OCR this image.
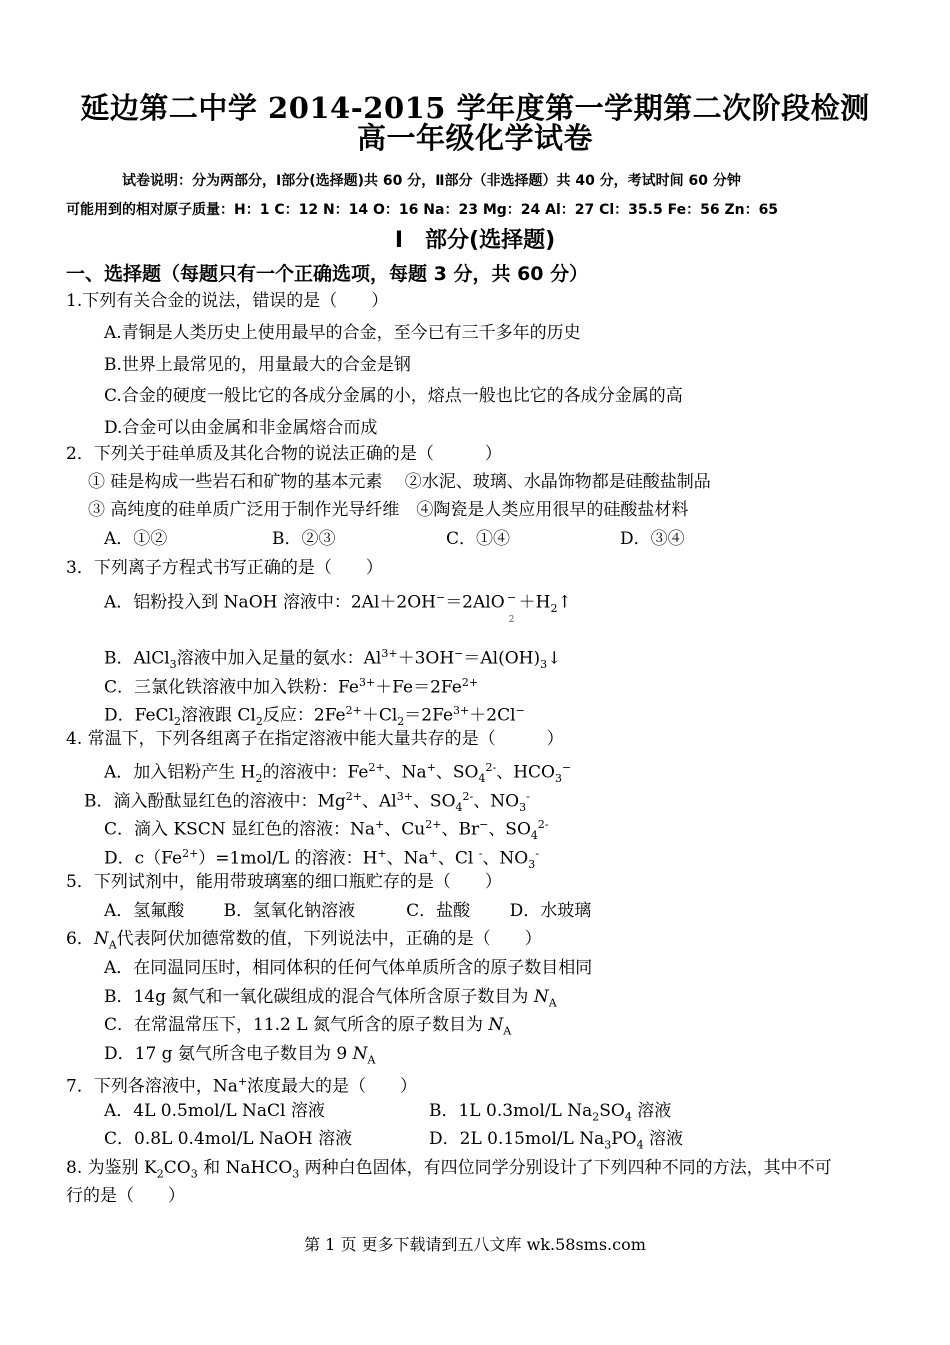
延边第二中学 2014-2015 学年度第一学期第二次阶段检测
高一年级化学试卷
试卷说明：分为两部分，Ⅰ部分(选择题)共 60 分，Ⅱ部分（非选择题）共 40 分，考试时间 60 分钟
可能用到的相对原子质量：H：1 C：12 N：14 O：16 Na：23 Mg：24 Al：27 Cl：35.5 Fe：56 Zn：65
Ⅰ　部分(选择题)
一、选择题（每题只有一个正确选项，每题 3 分，共 60 分）
1.下列有关合金的说法，错误的是（　　）
A.青铜是人类历史上使用最早的合金，至今已有三千多年的历史
B.世界上最常见的，用量最大的合金是钢
C.合金的硬度一般比它的各成分金属的小，熔点一般也比它的各成分金属的高
D.合金可以由金属和非金属熔合而成
2．下列关于硅单质及其化合物的说法正确的是（　　　）
① 硅是构成一些岩石和矿物的基本元素　 ②水泥、玻璃、水晶饰物都是硅酸盐制品
③ 高纯度的硅单质广泛用于制作光导纤维　④陶瓷是人类应用很早的硅酸盐材料
A．①②	B．②③	C．①④	D．③④
3．下列离子方程式书写正确的是（　　）
A．铝粉投入到 NaOH 溶液中：2Al＋2OH−＝2AlO −
2
$+H_2↑$
B．AlCl$_3$溶液中加入足量的氨水：$Al^{3+}+3OH^-=Al(OH)_3↓$
C．三氯化铁溶液中加入铁粉：$Fe^{3+}+Fe=2Fe^{2+}$
D．FeCl$_2$溶液跟 $Cl_2$反应：$2Fe^{2+}+Cl_2=2Fe^{3+}+2Cl^-$
4. 常温下，下列各组离子在指定溶液中能大量共存的是（　　　）
A．加入铝粉产生 $H_2$的溶液中：$Fe^{2+}$、Na+、$SO_4^{2-}$、$HCO_3^-$
B．滴入酚酞显红色的溶液中：$Mg^{2+}$、$Al^{3+}$、$SO_4^{2-}$、$NO_3^-$
C．滴入 KSCN 显红色的溶液：Na+、$Cu^{2+}$、Br−、$SO_4^{2-}$
D．$c(Fe^{2+})=1mol/L$ 的溶液：H+、Na+、Cl -、$NO_3^-$
5．下列试剂中，能用带玻璃塞的细口瓶贮存的是（　　）
A．氢氟酸　　 B．氢氧化钠溶液　　　C．盐酸　　 D．水玻璃
6．$N_A$代表阿伏加德常数的值，下列说法中，正确的是（　　）
A．在同温同压时，相同体积的任何气体单质所含的原子数目相同
B．14g 氮气和一氧化碳组成的混合气体所含原子数目为 $N_A$
C．在常温常压下，11.2 L 氮气所含的原子数目为 $N_A$
D．17 g 氨气所含电子数目为 9 $N_A$
7．下列各溶液中，Na+浓度最大的是（　　）
A．4L 0.5mol/L NaCl 溶液	B．1L 0.3mol/L $Na_2SO_4$ 溶液
C．0.8L 0.4mol/L NaOH 溶液	D．2L 0.15mol/L $Na_3PO_4$ 溶液
8. 为鉴别 $K_2CO_3$ 和 NaHCO$_3$ 两种白色固体，有四位同学分别设计了下列四种不同的方法，其中不可
行的是（　　）
第 1 页 更多下载请到五八文库 wk.58sms.com
